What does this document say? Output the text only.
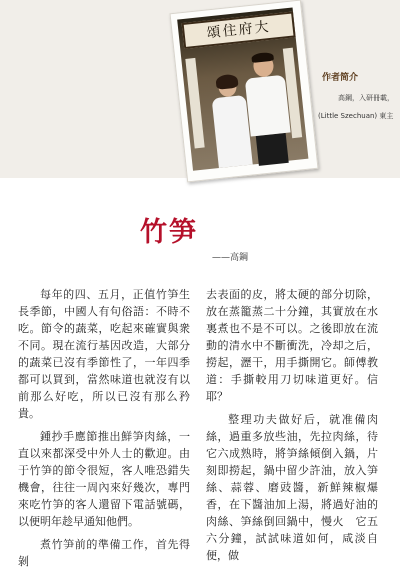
頌住府大
作者简介
高鋼，入研冊載，
(Little Szechuan) 東主
竹笋
——高鋼

每年的四、五月，正值竹笋生長季節，中國人有句俗語：不時不吃。節令的蔬菜，吃起來確實與衆不同。現在流行基因改造，大部分的蔬菜已沒有季節性了，一年四季都可以買到，當然味道也就沒有以前那么好吃，所以已沒有那么矜貴。

鍾抄手應節推出鮮笋肉絲，一直以來都深受中外人士的歡迎。由于竹笋的節令很短，客人唯恐錯失機會，往往一周內來好幾次，專門來吃竹笋的客人還留下電話號碼，以便明年趁早通知他們。

煮竹笋前的準備工作，首先得剝

去表面的皮，將太硬的部分切除，放在蒸籠蒸二十分鐘，其實放在水裏煮也不是不可以。之後即放在流動的清水中不斷衝洗，冷却之后，撈起，瀝干，用手撕開它。師傅教道：手撕較用刀切味道更好。信耶？

整理功夫做好后，就准備肉絲，過重多放些油，先拉肉絲，待它六成熟時，將笋絲傾倒入鍋，片刻即撈起，鍋中留少許油，放入笋絲、蒜蓉、磨豉醬，新鮮辣椒爆香，在下醬油加上湯，將過好油的肉絲、笋絲倒回鍋中，慢火　它五六分鐘，試試味道如何，咸淡自便，做
